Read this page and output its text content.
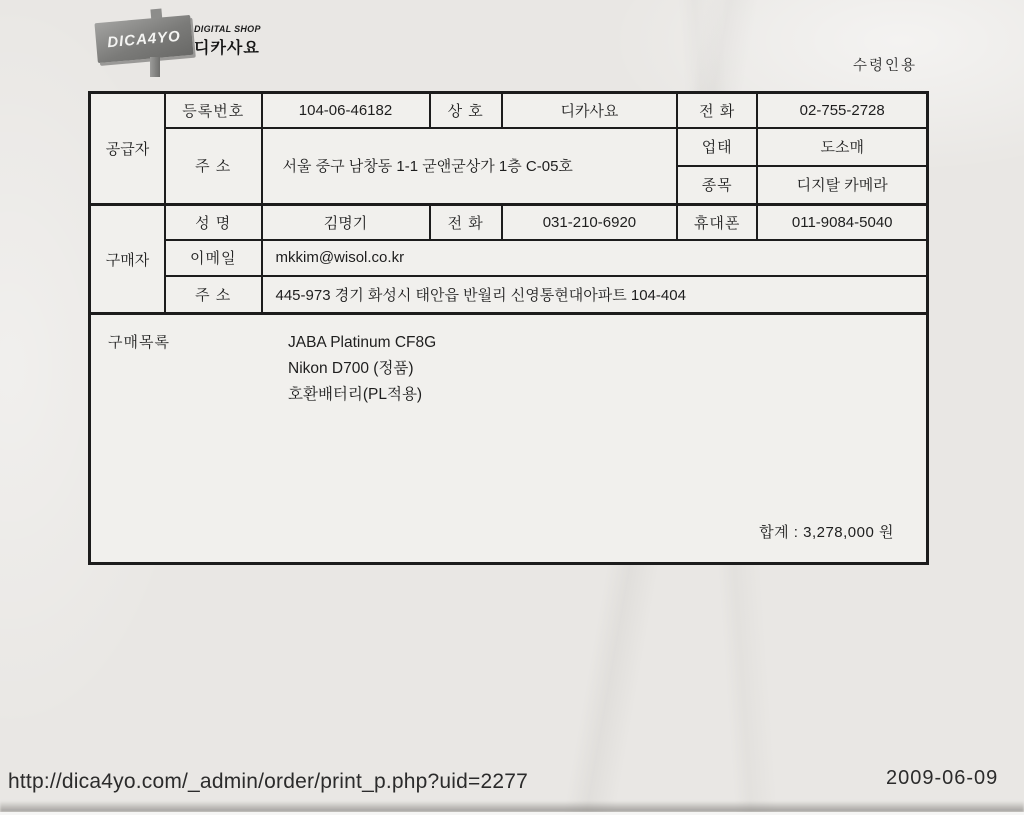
DICA4YO	DIGITAL SHOP
디카사요
수령인용
공급자	등록번호	104-06-46182	상 호	디카사요	전 화	02-755-2728
	주 소	서울 중구 남창동 1-1 굳앤굳상가 1층 C-05호			업태	도소매
					종목	디지탈 카메라
구매자	성 명	김명기	전 화	031-210-6920	휴대폰	011-9084-5040
	이메일	mkkim@wisol.co.kr				
	주 소	445-973 경기 화성시 태안읍 반월리 신영통현대아파트 104-404				

구매목록 JABA Platinum CF8G
Nikon D700 (정품)
호환배터리(PL적용)
합계 : 3,278,000 원						
http://dica4yo.com/_admin/order/print_p.php?uid=2277	2009-06-09
